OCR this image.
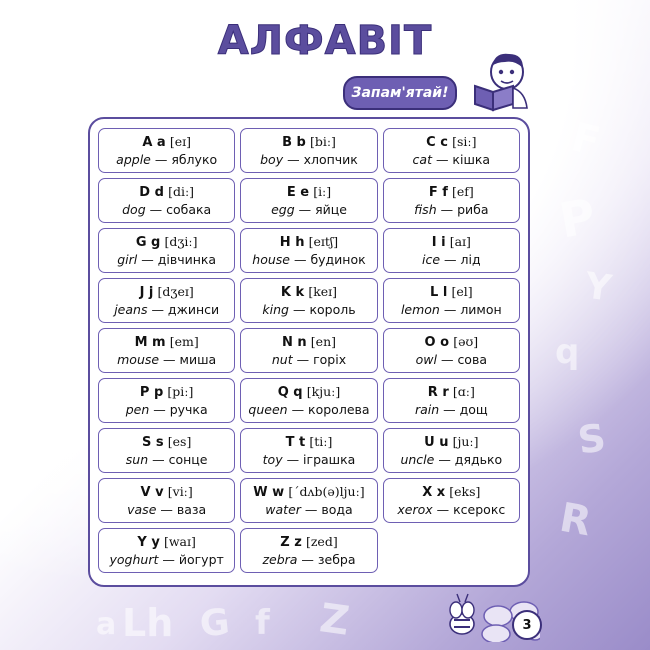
A
F
P
Y
q
S
R
a Lh G f Z
АЛФАВІТ
Запам'ятай!
A a [eɪ]
apple — яблуко
B b [biː]
boy — хлопчик
C c [siː]
cat — кішка
D d [diː]
dog — собака
E e [iː]
egg — яйце
F f [ef]
fish — риба
G g [dʒiː]
girl — дівчинка
H h [eɪtʃ]
house — будинок
I i [aɪ]
ice — лід
J j [dʒeɪ]
jeans — джинси
K k [keɪ]
king — король
L l [el]
lemon — лимон
M m [em]
mouse — миша
N n [en]
nut — горіх
O o [əʊ]
owl — сова
P p [piː]
pen — ручка
Q q [kjuː]
queen — королева
R r [ɑː]
rain — дощ
S s [es]
sun — сонце
T t [tiː]
toy — іграшка
U u [juː]
uncle — дядько
V v [viː]
vase — ваза
W w [ˊdʌb(ə)ljuː]
water — вода
X x [eks]
xerox — ксерокс
Y y [waɪ]
yoghurt — йогурт
Z z [zed]
zebra — зебра
3
